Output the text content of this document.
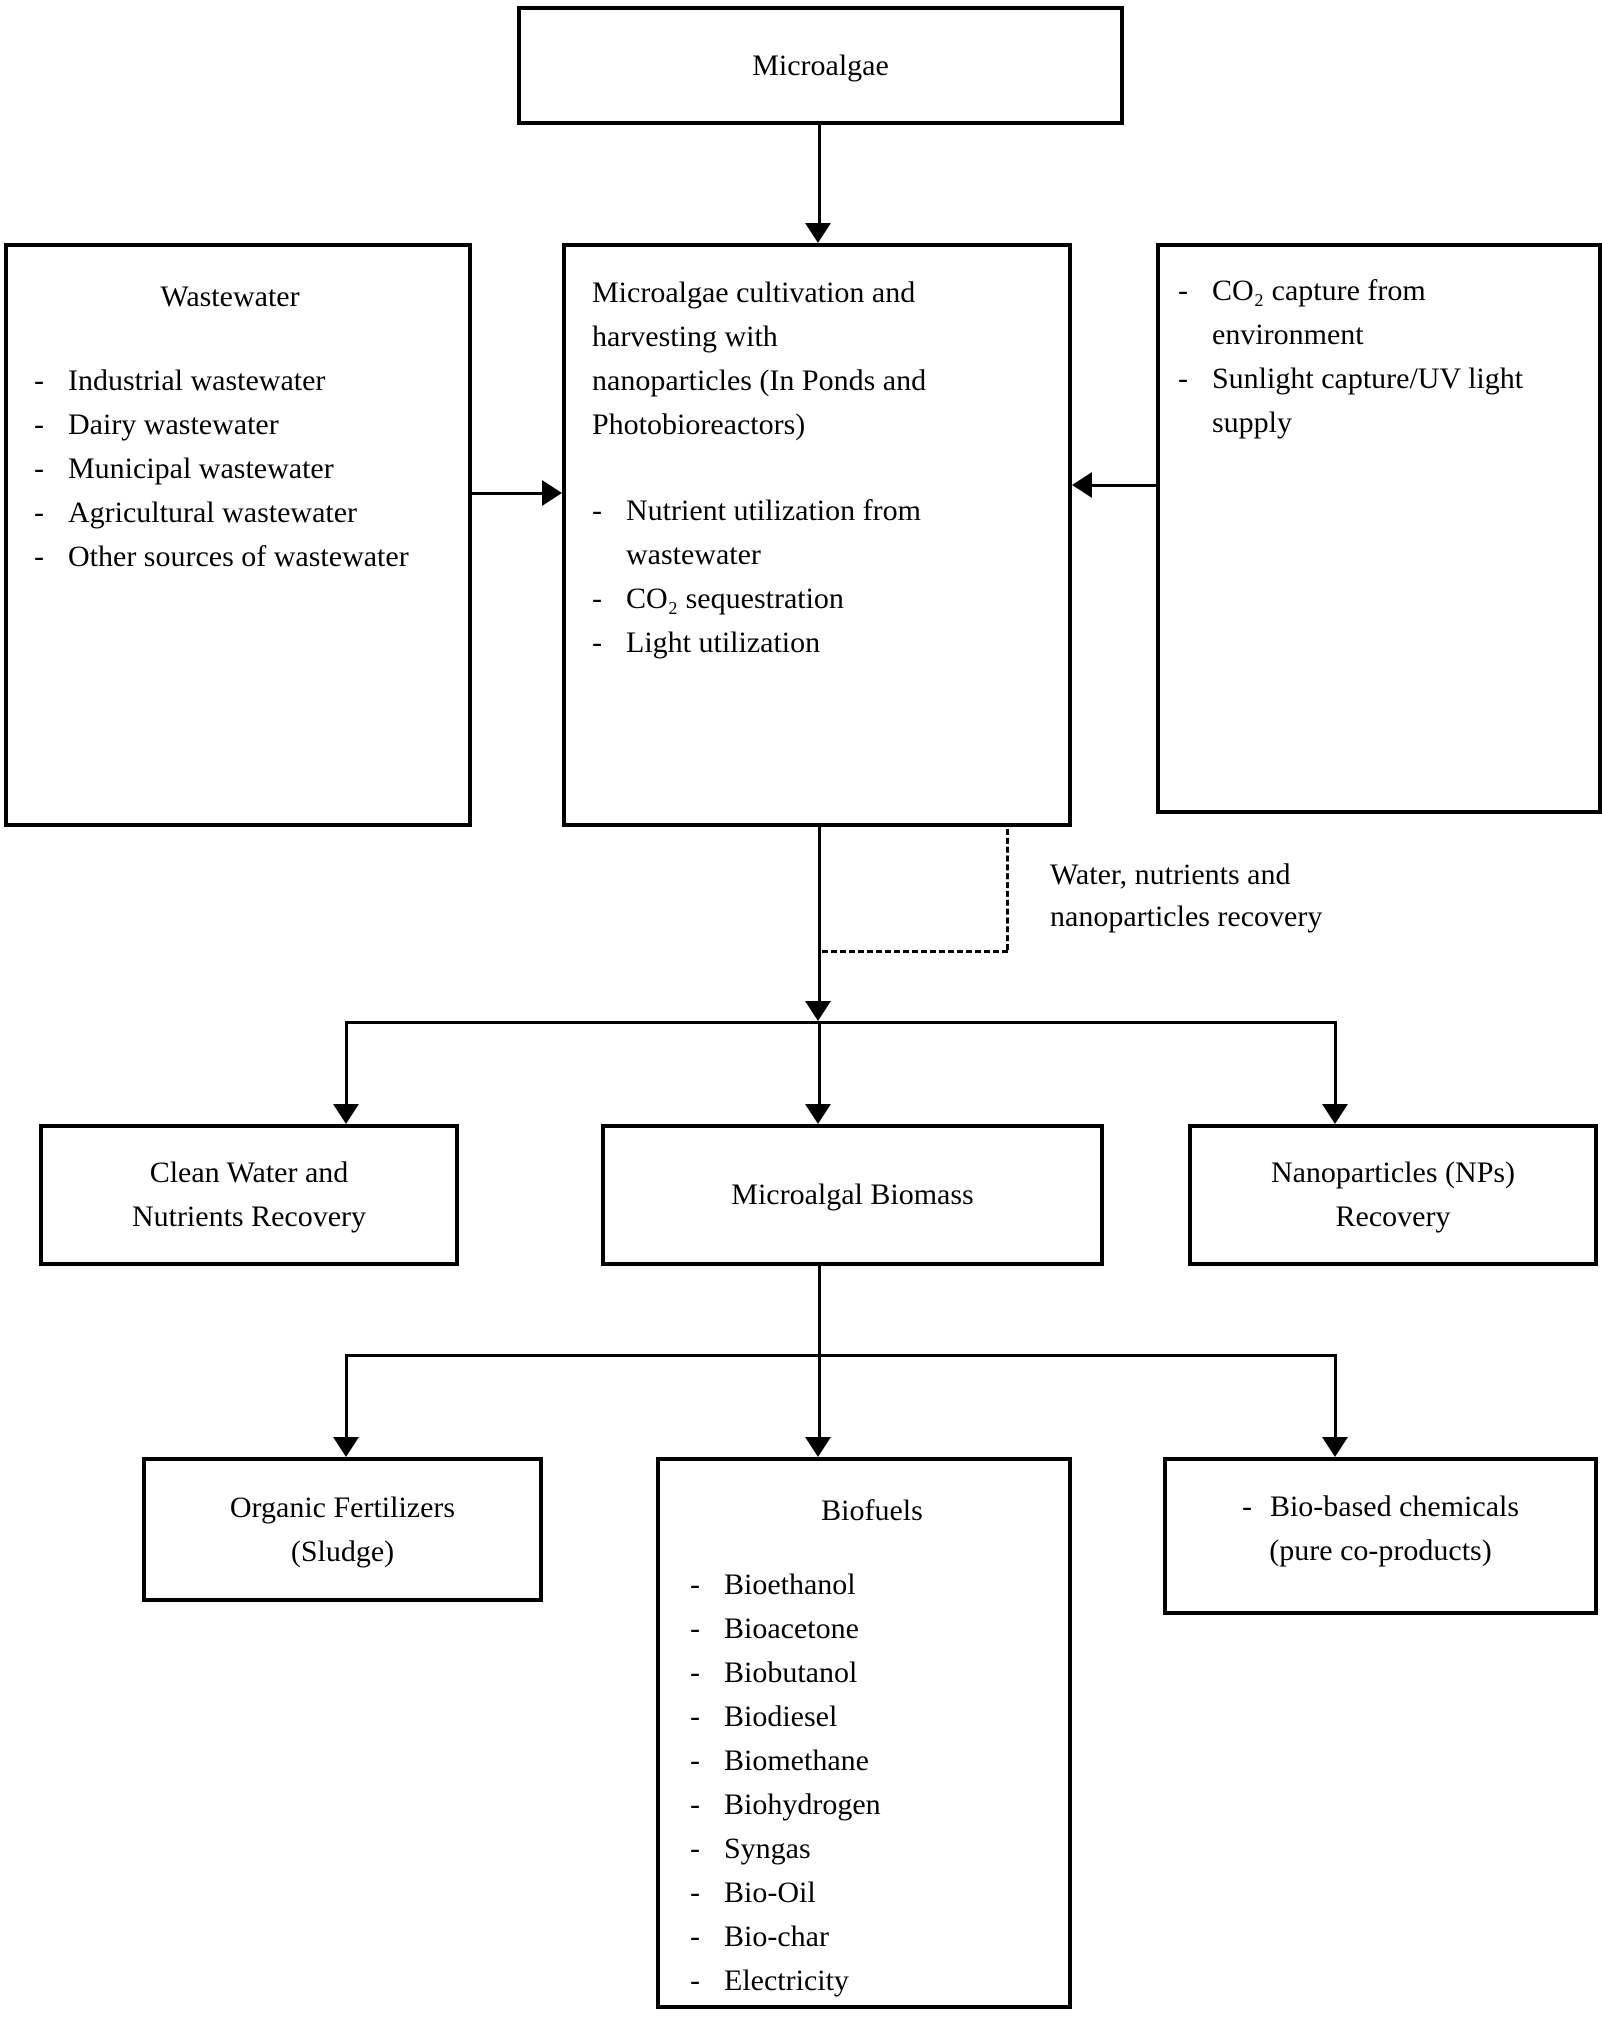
Microalgae
Wastewater
-
Industrial wastewater
-
Dairy wastewater
-
Municipal wastewater
-
Agricultural wastewater
-
Other sources of wastewater
Microalgae cultivation and
harvesting with
nanoparticles (In Ponds and
Photobioreactors)
-
Nutrient utilization from wastewater
-
CO₂ sequestration
-
Light utilization
-
CO₂ capture from environment
-
Sunlight capture/UV light supply
Water, nutrients and
nanoparticles recovery
Clean Water and
Nutrients Recovery
Microalgal Biomass
Nanoparticles (NPs)
Recovery
Organic Fertilizers
(Sludge)
Biofuels
-
Bioethanol
-
Bioacetone
-
Biobutanol
-
Biodiesel
-
Biomethane
-
Biohydrogen
-
Syngas
-
Bio-Oil
-
Bio-char
-
Electricity
-
Bio-based chemicals
(pure co-products)
